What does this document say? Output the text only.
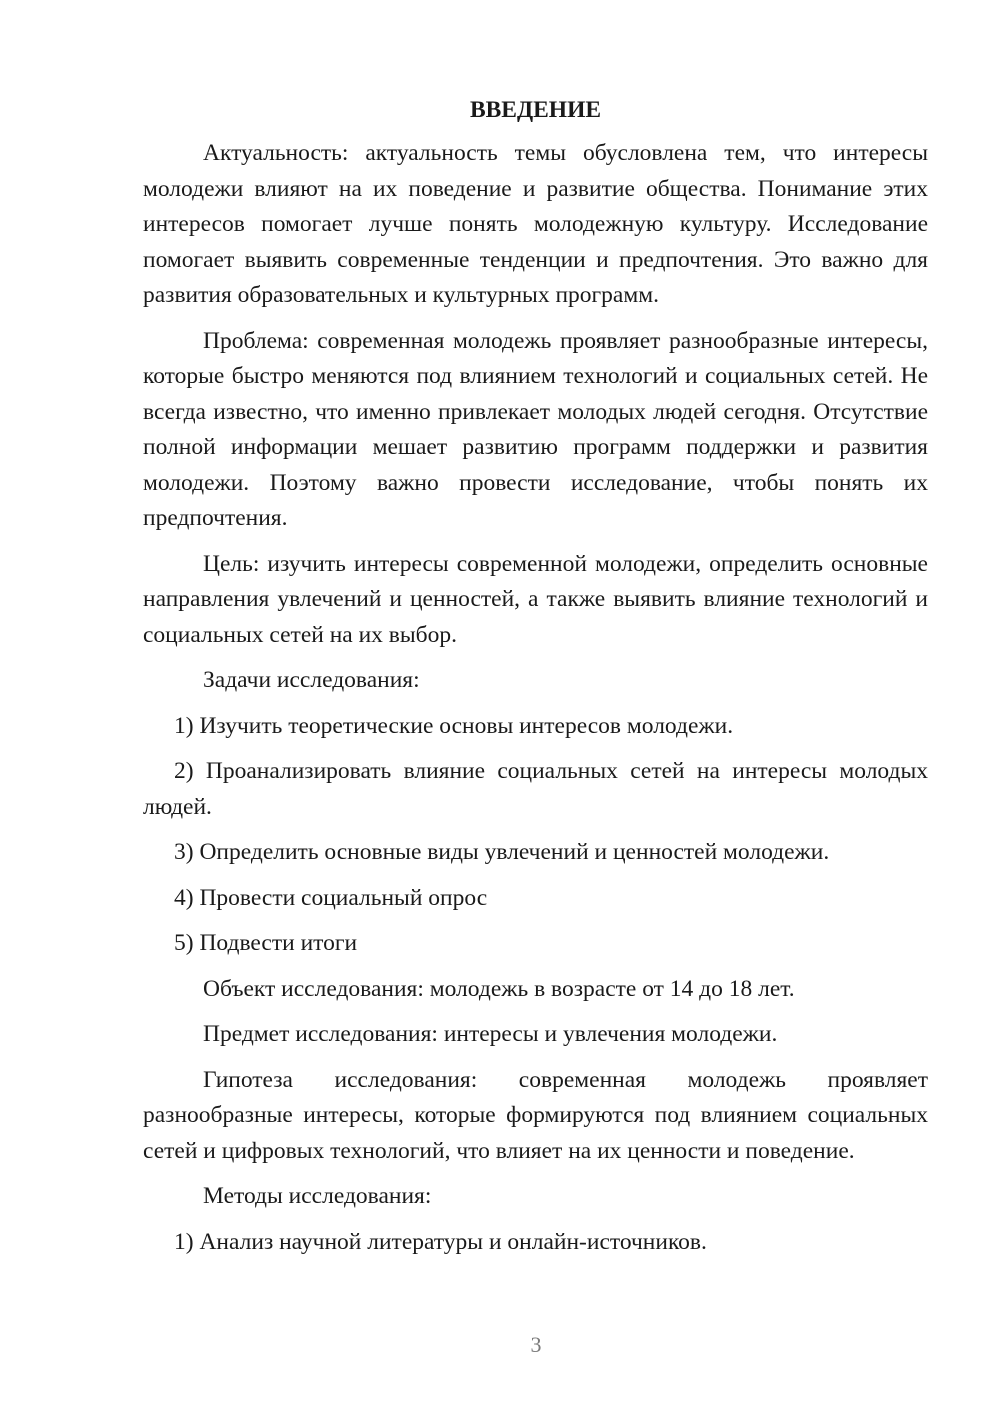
ВВЕДЕНИЕ
Актуальность: актуальность темы обусловлена тем, что интересы молодежи влияют на их поведение и развитие общества. Понимание этих интересов помогает лучше понять молодежную культуру. Исследование помогает выявить современные тенденции и предпочтения. Это важно для развития образовательных и культурных программ.
Проблема: современная молодежь проявляет разнообразные интересы, которые быстро меняются под влиянием технологий и социальных сетей. Не всегда известно, что именно привлекает молодых людей сегодня. Отсутствие полной информации мешает развитию программ поддержки и развития молодежи. Поэтому важно провести исследование, чтобы понять их предпочтения.
Цель: изучить интересы современной молодежи, определить основные направления увлечений и ценностей, а также выявить влияние технологий и социальных сетей на их выбор.
Задачи исследования:
1) Изучить теоретические основы интересов молодежи.
2) Проанализировать влияние социальных сетей на интересы молодых людей.
3) Определить основные виды увлечений и ценностей молодежи.
4) Провести социальный опрос
5) Подвести итоги
Объект исследования: молодежь в возрасте от 14 до 18 лет.
Предмет исследования: интересы и увлечения молодежи.
Гипотеза исследования: современная молодежь проявляет разнообразные интересы, которые формируются под влиянием социальных сетей и цифровых технологий, что влияет на их ценности и поведение.
Методы исследования:
1) Анализ научной литературы и онлайн-источников.
3
